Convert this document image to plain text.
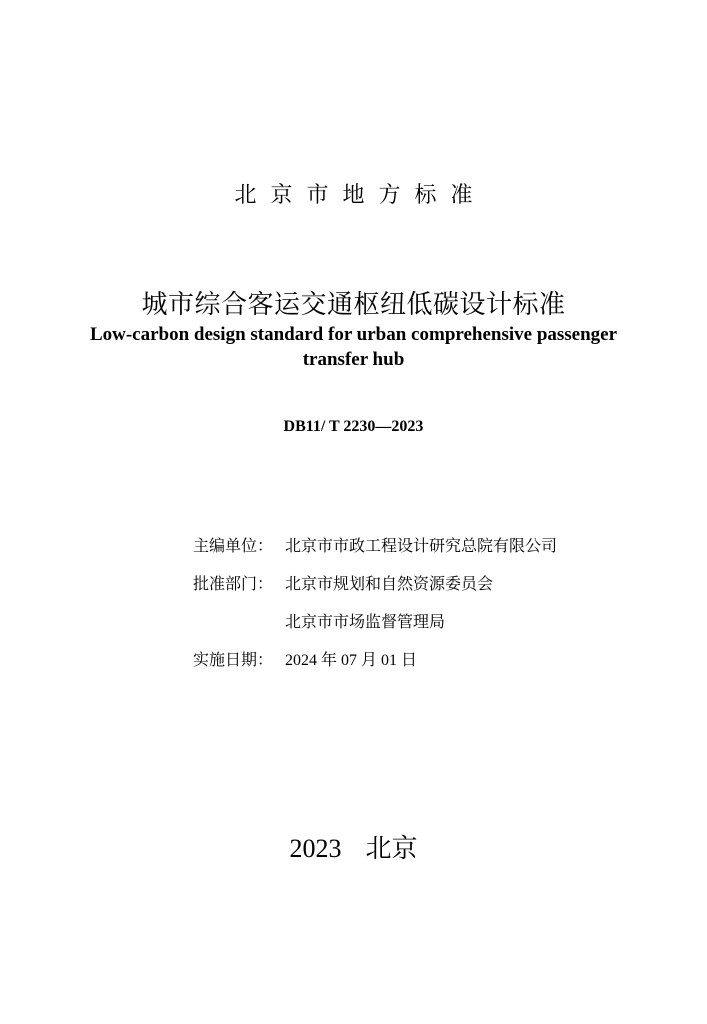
北京市地方标准
城市综合客运交通枢纽低碳设计标准
Low-carbon design standard for urban comprehensive passenger transfer hub
DB11/ T 2230—2023
主编单位： 北京市市政工程设计研究总院有限公司
批准部门： 北京市规划和自然资源委员会
北京市市场监督管理局
实施日期： 2024 年 07 月 01 日
2023 北京
